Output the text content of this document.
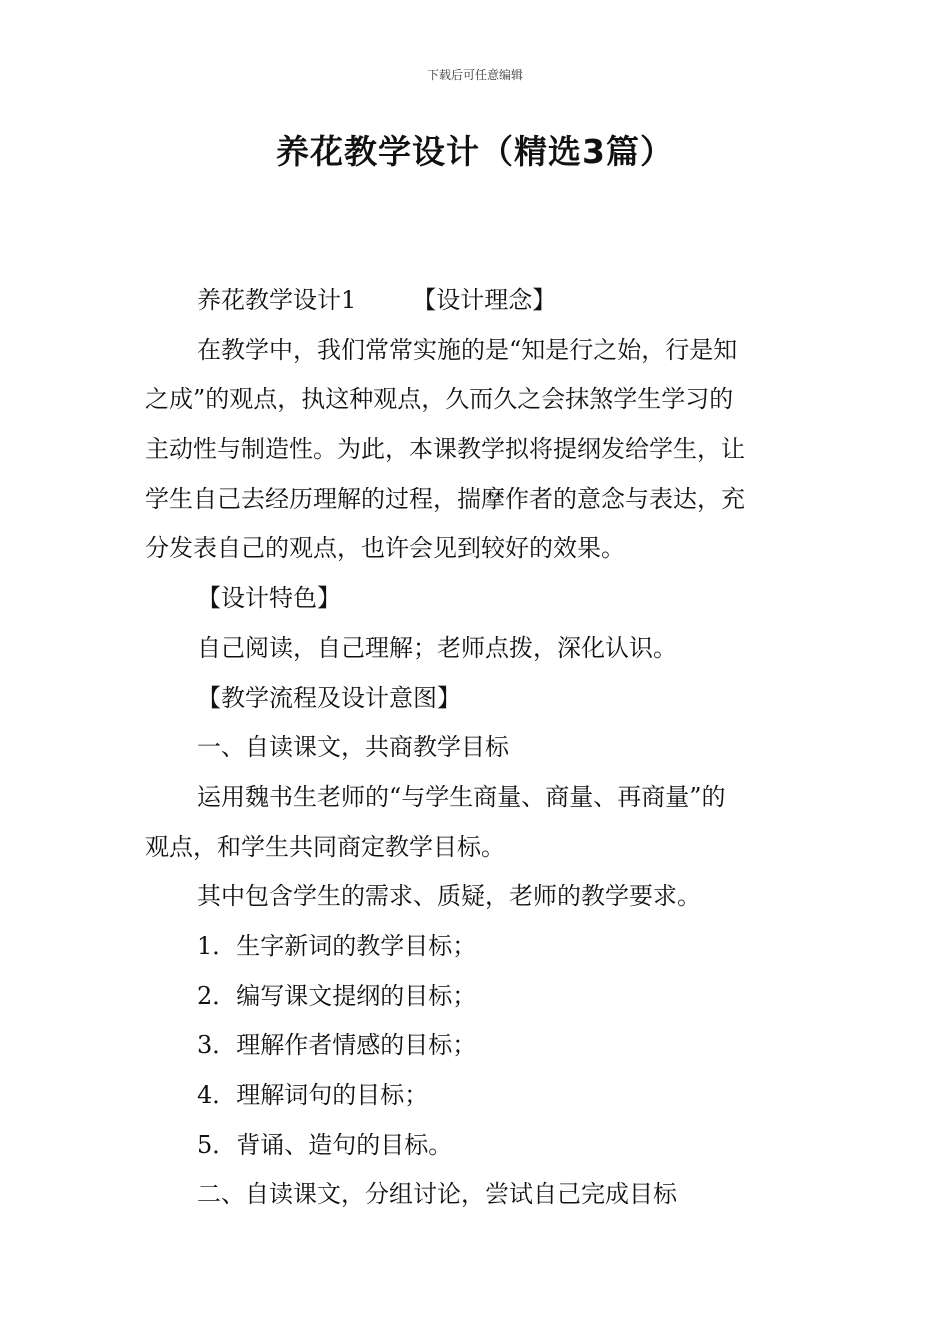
下载后可任意编辑
养花教学设计（精选3篇）
养花教学设计1 【设计理念】
在教学中，我们常常实施的是“知是行之始，行是知
之成”的观点，执这种观点，久而久之会抹煞学生学习的
主动性与制造性。为此，本课教学拟将提纲发给学生，让
学生自己去经历理解的过程，揣摩作者的意念与表达，充
分发表自己的观点，也许会见到较好的效果。
【设计特色】
自己阅读，自己理解；老师点拨，深化认识。
【教学流程及设计意图】
一、自读课文，共商教学目标
运用魏书生老师的“与学生商量、商量、再商量”的
观点，和学生共同商定教学目标。
其中包含学生的需求、质疑，老师的教学要求。
1．生字新词的教学目标；
2．编写课文提纲的目标；
3．理解作者情感的目标；
4．理解词句的目标；
5．背诵、造句的目标。
二、自读课文，分组讨论，尝试自己完成目标
